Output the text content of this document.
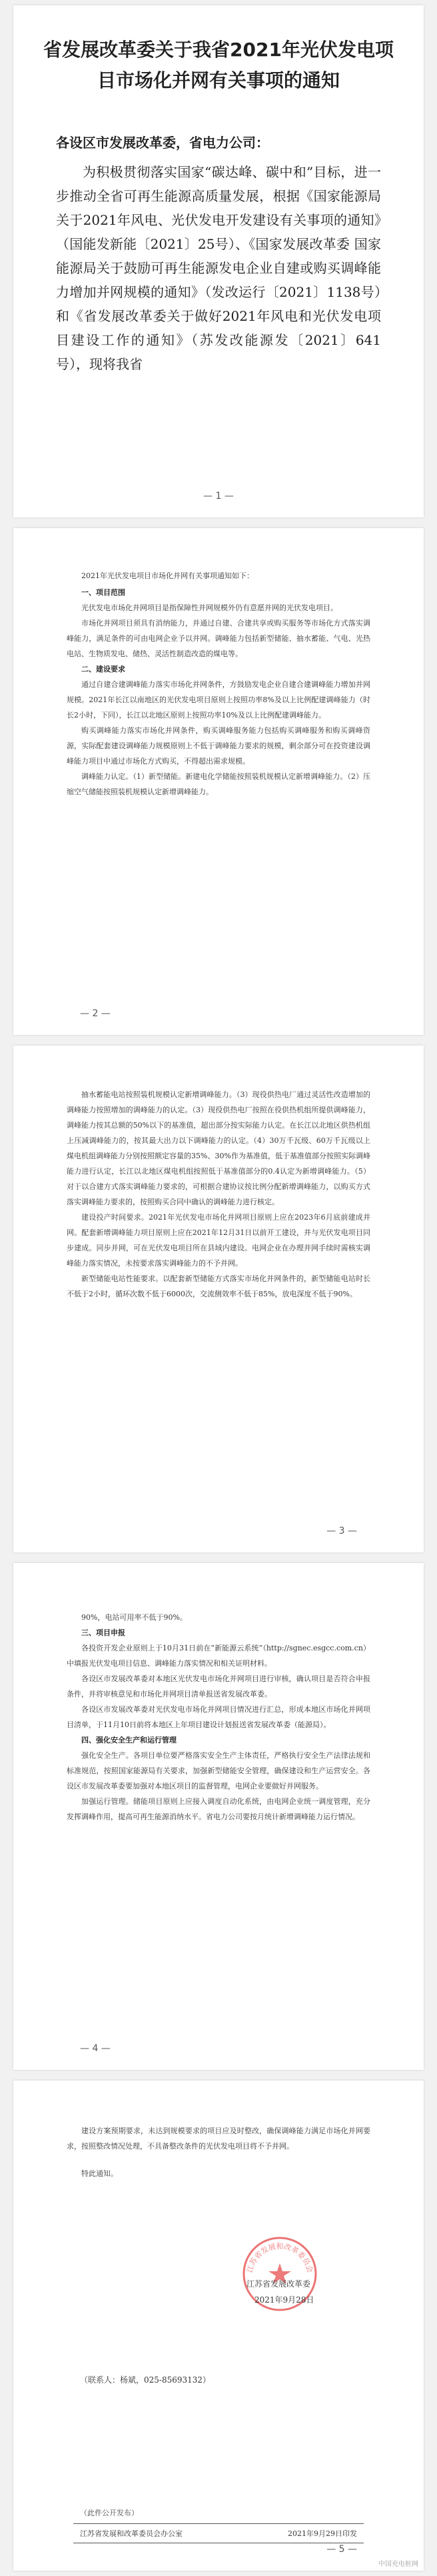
省发展改革委关于我省2021年光伏发电项目市场化并网有关事项的通知
各设区市发展改革委，省电力公司：
为积极贯彻落实国家“碳达峰、碳中和”目标，进一步推动全省可再生能源高质量发展，根据《国家能源局关于2021年风电、光伏发电开发建设有关事项的通知》（国能发新能〔2021〕25号）、《国家发展改革委 国家能源局关于鼓励可再生能源发电企业自建或购买调峰能力增加并网规模的通知》（发改运行〔2021〕1138号）和《省发展改革委关于做好2021年风电和光伏发电项目建设工作的通知》（苏发改能源发〔2021〕641号），现将我省
— 1 —

2021年光伏发电项目市场化并网有关事项通知如下：

一、项目范围

光伏发电市场化并网项目是指保障性并网规模外仍有意愿并网的光伏发电项目。

市场化并网项目须具有消纳能力，并通过自建、合建共享或购买服务等市场化方式落实调峰能力，满足条件的可由电网企业予以并网。调峰能力包括新型储能、抽水蓄能、气电、光热电站、生物质发电、储热、灵活性制造改造的煤电等。

二、建设要求

通过自建合建调峰能力落实市场化并网条件，方鼓励发电企业自建合建调峰能力增加并网规模。2021年长江以南地区的光伏发电项目原则上按照功率8%及以上比例配建调峰能力（时长2小时，下同），长江以北地区原则上按照功率10%及以上比例配建调峰能力。

购买调峰能力落实市场化并网条件，购买调峰服务能力包括购买调峰服务和购买调峰资源，实际配套建设调峰能力规模原则上不低于调峰能力要求的规模，剩余部分可在投资建设调峰能力项目中通过市场化方式购买，不得超出需求规模。

调峰能力认定。（1）新型储能。新建电化学储能按照装机规模认定新增调峰能力。（2）压缩空气储能按照装机规模认定新增调峰能力。

— 2 —

抽水蓄能电站按照装机规模认定新增调峰能力。（3）现役供热电厂通过灵活性改造增加的调峰能力按照增加的调峰能力的认定。（3）现役供热电厂按照在役供热机组所提供调峰能力，调峰能力按其总额的50%以下的基准值，超出部分按实际能力认定。在长江以北地区供热机组上压减调峰能力的，按其最大出力以下调峰能力的认定。（4）30万千瓦级、60万千瓦级以上煤电机组调峰能力分别按照额定容量的35%、30%作为基准值，低于基准值部分按照实际调峰能力进行认定，长江以北地区煤电机组按照低于基准值部分的0.4认定为新增调峰能力。（5）对于以合建方式落实调峰能力要求的，可根据合建协议按比例分配新增调峰能力，以购买方式落实调峰能力要求的，按照购买合同中确认的调峰能力进行核定。

建设投产时间要求。2021年光伏发电市场化并网项目原则上应在2023年6月底前建成并网。配套新增调峰能力项目原则上应在2021年12月31日以前开工建设，并与光伏发电项目同步建成。同步并网，可在光伏发电项目所在县域内建设。电网企业在办理并网手续时需核实调峰能力落实情况，未按要求落实调峰能力的不予并网。

新型储能电站性能要求。以配套新型储能方式落实市场化并网条件的，新型储能电站时长不低于2小时，循环次数不低于6000次，交流侧效率不低于85%，放电深度不低于90%。

— 3 —

90%，电站可用率不低于90%。

三、项目申报

各投资开发企业原则上于10月31日前在“新能源云系统”（http://sgnec.esgcc.com.cn）中填报光伏发电项目信息、调峰能力落实情况和相关证明材料。

各设区市发展改革委对本地区光伏发电市场化并网项目进行审核，确认项目是否符合申报条件，并将审核意见和市场化并网项目清单报送省发展改革委。

各设区市发展改革委对光伏发电市场化并网项目情况进行汇总，形成本地区市场化并网项目清单，于11月10日前将本地区上年项目建设计划报送省发展改革委（能源局）。

四、强化安全生产和运行管理

强化安全生产。各项目单位要严格落实安全生产主体责任，严格执行安全生产法律法规和标准规范，按照国家能源局有关要求，加强新型储能安全管理，确保建设和生产运营安全。各设区市发展改革委要加强对本地区项目的监督管理，电网企业要做好并网服务。

加强运行管理。储能项目原则上应接入调度自动化系统，由电网企业统一调度管理，充分发挥调峰作用，提高可再生能源消纳水平。省电力公司要按月统计新增调峰能力运行情况。

— 4 —

建设方案预期要求，未达到规模要求的项目应及时整改，确保调峰能力满足市场化并网要求，按照整改情况处理，不具备整改条件的光伏发电项目将不予并网。

特此通知。
江苏省发展和改革委员会
江苏省发展改革委
2021年9月28日
（联系人：杨斌，025-85693132）
（此件公开发布）
江苏省发展和改革委员会办公室	2021年9月29日印发
— 5 —
中国充电桩网
